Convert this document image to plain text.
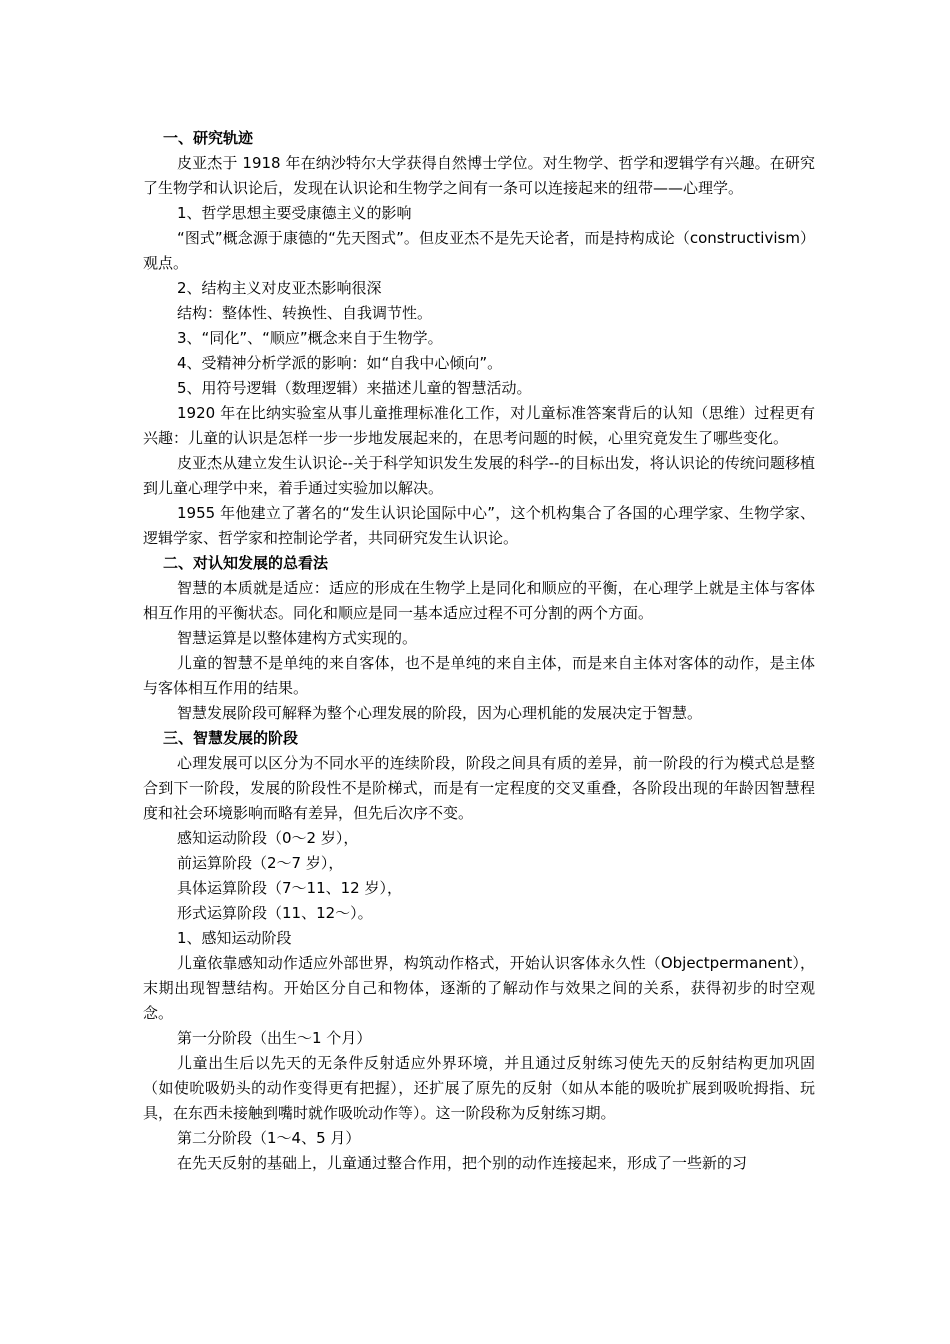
一、研究轨迹

皮亚杰于 1918 年在纳沙特尔大学获得自然博士学位。对生物学、哲学和逻辑学有兴趣。在研究了生物学和认识论后，发现在认识论和生物学之间有一条可以连接起来的纽带——心理学。

1、哲学思想主要受康德主义的影响

“图式”概念源于康德的“先天图式”。但皮亚杰不是先天论者，而是持构成论（constructivism）观点。

2、结构主义对皮亚杰影响很深

结构：整体性、转换性、自我调节性。

3、“同化”、“顺应”概念来自于生物学。

4、受精神分析学派的影响：如“自我中心倾向”。

5、用符号逻辑（数理逻辑）来描述儿童的智慧活动。

1920 年在比纳实验室从事儿童推理标准化工作，对儿童标准答案背后的认知（思维）过程更有兴趣：儿童的认识是怎样一步一步地发展起来的，在思考问题的时候，心里究竟发生了哪些变化。

皮亚杰从建立发生认识论--关于科学知识发生发展的科学--的目标出发，将认识论的传统问题移植到儿童心理学中来，着手通过实验加以解决。

1955 年他建立了著名的“发生认识论国际中心”，这个机构集合了各国的心理学家、生物学家、逻辑学家、哲学家和控制论学者，共同研究发生认识论。

二、对认知发展的总看法

智慧的本质就是适应：适应的形成在生物学上是同化和顺应的平衡，在心理学上就是主体与客体相互作用的平衡状态。同化和顺应是同一基本适应过程不可分割的两个方面。

智慧运算是以整体建构方式实现的。

儿童的智慧不是单纯的来自客体，也不是单纯的来自主体，而是来自主体对客体的动作，是主体与客体相互作用的结果。

智慧发展阶段可解释为整个心理发展的阶段，因为心理机能的发展决定于智慧。

三、智慧发展的阶段

心理发展可以区分为不同水平的连续阶段，阶段之间具有质的差异，前一阶段的行为模式总是整合到下一阶段，发展的阶段性不是阶梯式，而是有一定程度的交叉重叠，各阶段出现的年龄因智慧程度和社会环境影响而略有差异，但先后次序不变。

感知运动阶段（0～2 岁），

前运算阶段（2～7 岁），

具体运算阶段（7～11、12 岁），

形式运算阶段（11、12～）。

1、感知运动阶段

儿童依靠感知动作适应外部世界，构筑动作格式，开始认识客体永久性（Objectpermanent），末期出现智慧结构。开始区分自己和物体，逐渐的了解动作与效果之间的关系，获得初步的时空观念。

第一分阶段（出生～1 个月）

儿童出生后以先天的无条件反射适应外界环境，并且通过反射练习使先天的反射结构更加巩固（如使吮吸奶头的动作变得更有把握），还扩展了原先的反射（如从本能的吸吮扩展到吸吮拇指、玩具，在东西未接触到嘴时就作吸吮动作等）。这一阶段称为反射练习期。

第二分阶段（1～4、5 月）

在先天反射的基础上，儿童通过整合作用，把个别的动作连接起来，形成了一些新的习
